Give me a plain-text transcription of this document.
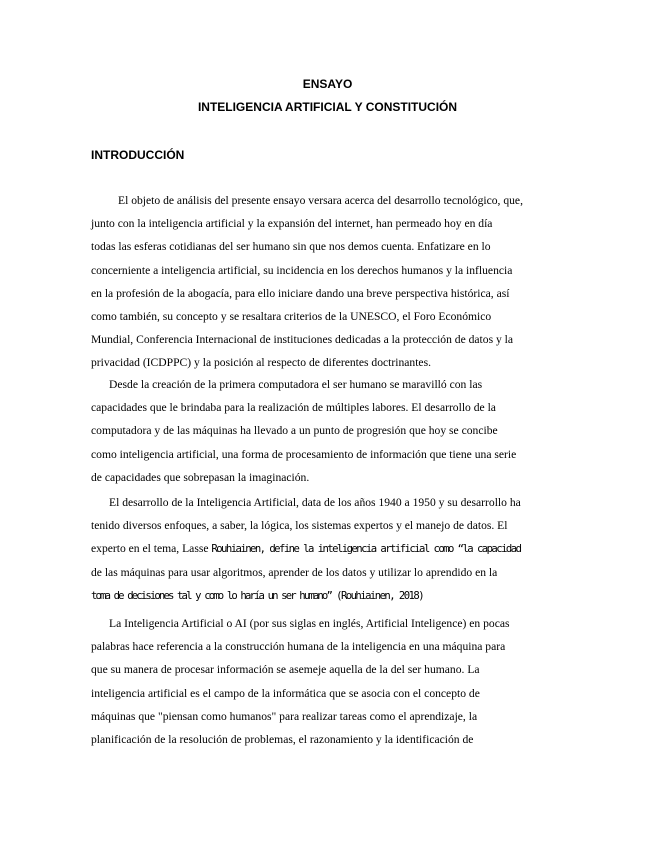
ENSAYO
INTELIGENCIA ARTIFICIAL Y CONSTITUCIÓN
INTRODUCCIÓN
El objeto de análisis del presente ensayo versara acerca del desarrollo tecnológico, que,
junto con la inteligencia artificial y la expansión del internet, han permeado hoy en día
todas las esferas cotidianas del ser humano sin que nos demos cuenta. Enfatizare en lo
concerniente a inteligencia artificial, su incidencia en los derechos humanos y la influencia
en la profesión de la abogacía, para ello iniciare dando una breve perspectiva histórica, así
como también, su concepto y se resaltara criterios de la UNESCO, el Foro Económico
Mundial, Conferencia Internacional de instituciones dedicadas a la protección de datos y la
privacidad (ICDPPC) y la posición al respecto de diferentes doctrinantes.
Desde la creación de la primera computadora el ser humano se maravilló con las
capacidades que le brindaba para la realización de múltiples labores. El desarrollo de la
computadora y de las máquinas ha llevado a un punto de progresión que hoy se concibe
como inteligencia artificial, una forma de procesamiento de información que tiene una serie
de capacidades que sobrepasan la imaginación.
El desarrollo de la Inteligencia Artificial, data de los años 1940 a 1950 y su desarrollo ha
tenido diversos enfoques, a saber, la lógica, los sistemas expertos y el manejo de datos. El
experto en el tema, Lasse Rouhiainen, define la inteligencia artificial como “la capacidad
de las máquinas para usar algoritmos, aprender de los datos y utilizar lo aprendido en la
toma de decisiones tal y como lo haría un ser humano” (Rouhiainen, 2018)
La Inteligencia Artificial o AI (por sus siglas en inglés, Artificial Inteligence) en pocas
palabras hace referencia a la construcción humana de la inteligencia en una máquina para
que su manera de procesar información se asemeje aquella de la del ser humano. La
inteligencia artificial es el campo de la informática que se asocia con el concepto de
máquinas que "piensan como humanos" para realizar tareas como el aprendizaje, la
planificación de la resolución de problemas, el razonamiento y la identificación de
